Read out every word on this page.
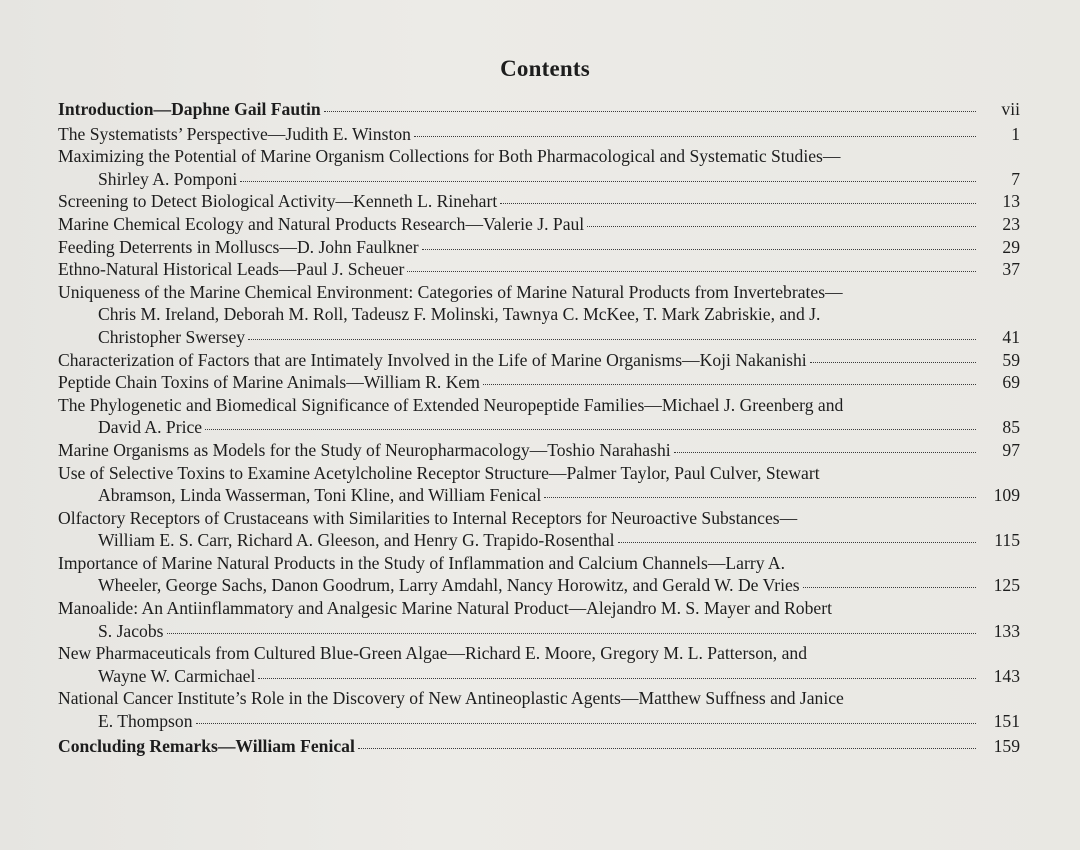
Contents
Introduction—Daphne Gail Fautin	vii
The Systematists’ Perspective—Judith E. Winston	1
Maximizing the Potential of Marine Organism Collections for Both Pharmacological and Systematic Studies—
Shirley A. Pomponi	7
Screening to Detect Biological Activity—Kenneth L. Rinehart	13
Marine Chemical Ecology and Natural Products Research—Valerie J. Paul	23
Feeding Deterrents in Molluscs—D. John Faulkner	29
Ethno-Natural Historical Leads—Paul J. Scheuer	37
Uniqueness of the Marine Chemical Environment: Categories of Marine Natural Products from Invertebrates—
Chris M. Ireland, Deborah M. Roll, Tadeusz F. Molinski, Tawnya C. McKee, T. Mark Zabriskie, and J.
Christopher Swersey	41
Characterization of Factors that are Intimately Involved in the Life of Marine Organisms—Koji Nakanishi	59
Peptide Chain Toxins of Marine Animals—William R. Kem	69
The Phylogenetic and Biomedical Significance of Extended Neuropeptide Families—Michael J. Greenberg and
David A. Price	85
Marine Organisms as Models for the Study of Neuropharmacology—Toshio Narahashi	97
Use of Selective Toxins to Examine Acetylcholine Receptor Structure—Palmer Taylor, Paul Culver, Stewart
Abramson, Linda Wasserman, Toni Kline, and William Fenical	109
Olfactory Receptors of Crustaceans with Similarities to Internal Receptors for Neuroactive Substances—
William E. S. Carr, Richard A. Gleeson, and Henry G. Trapido-Rosenthal	115
Importance of Marine Natural Products in the Study of Inflammation and Calcium Channels—Larry A.
Wheeler, George Sachs, Danon Goodrum, Larry Amdahl, Nancy Horowitz, and Gerald W. De Vries	125
Manoalide: An Antiinflammatory and Analgesic Marine Natural Product—Alejandro M. S. Mayer and Robert
S. Jacobs	133
New Pharmaceuticals from Cultured Blue-Green Algae—Richard E. Moore, Gregory M. L. Patterson, and
Wayne W. Carmichael	143
National Cancer Institute’s Role in the Discovery of New Antineoplastic Agents—Matthew Suffness and Janice
E. Thompson	151
Concluding Remarks—William Fenical	159
